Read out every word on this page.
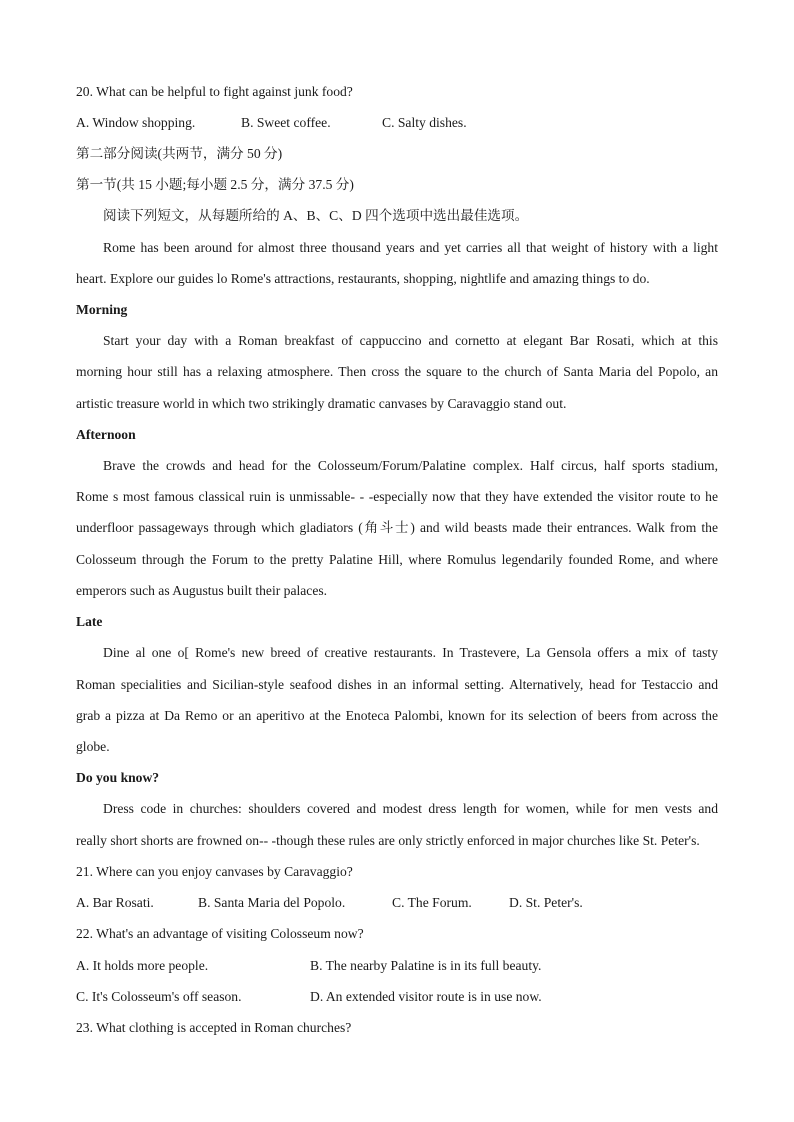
20. What can be helpful to fight against junk food?
A. Window shopping.	B. Sweet coffee.	C. Salty dishes.
第二部分阅读(共两节，满分 50 分)
第一节(共 15 小题;每小题 2.5 分，满分 37.5 分)
阅读下列短文，从每题所给的 A、B、C、D 四个选项中选出最佳选项。
Rome has been around for almost three thousand years and yet carries all that weight of history with a light
heart. Explore our guides lo Rome's attractions, restaurants, shopping, nightlife and amazing things to do.
Morning
Start your day with a Roman breakfast of cappuccino and cornetto at elegant Bar Rosati, which at this
morning hour still has a relaxing atmosphere. Then cross the square to the church of Santa Maria del Popolo, an
artistic treasure world in which two strikingly dramatic canvases by Caravaggio stand out.
Afternoon
Brave the crowds and head for the Colosseum/Forum/Palatine complex. Half circus, half sports stadium,
Rome s most famous classical ruin is unmissable- - -especially now that they have extended the visitor route to he
underfloor passageways through which gladiators (角斗士) and wild beasts made their entrances. Walk from the
Colosseum through the Forum to the pretty Palatine Hill, where Romulus legendarily founded Rome, and where
emperors such as Augustus built their palaces.
Late
Dine al one o[ Rome's new breed of creative restaurants. In Trastevere, La Gensola offers a mix of tasty
Roman specialities and Sicilian-style seafood dishes in an informal setting. Alternatively, head for Testaccio and
grab a pizza at Da Remo or an aperitivo at the Enoteca Palombi, known for its selection of beers from across the
globe.
Do you know?
Dress code in churches: shoulders covered and modest dress length for women, while for men vests and
really short shorts are frowned on-- -though these rules are only strictly enforced in major churches like St. Peter's.
21. Where can you enjoy canvases by Caravaggio?
A. Bar Rosati.	B. Santa Maria del Popolo.	C. The Forum.	D. St. Peter's.
22. What's an advantage of visiting Colosseum now?
A. It holds more people.	B. The nearby Palatine is in its full beauty.
C. It's Colosseum's off season.	D. An extended visitor route is in use now.
23. What clothing is accepted in Roman churches?
